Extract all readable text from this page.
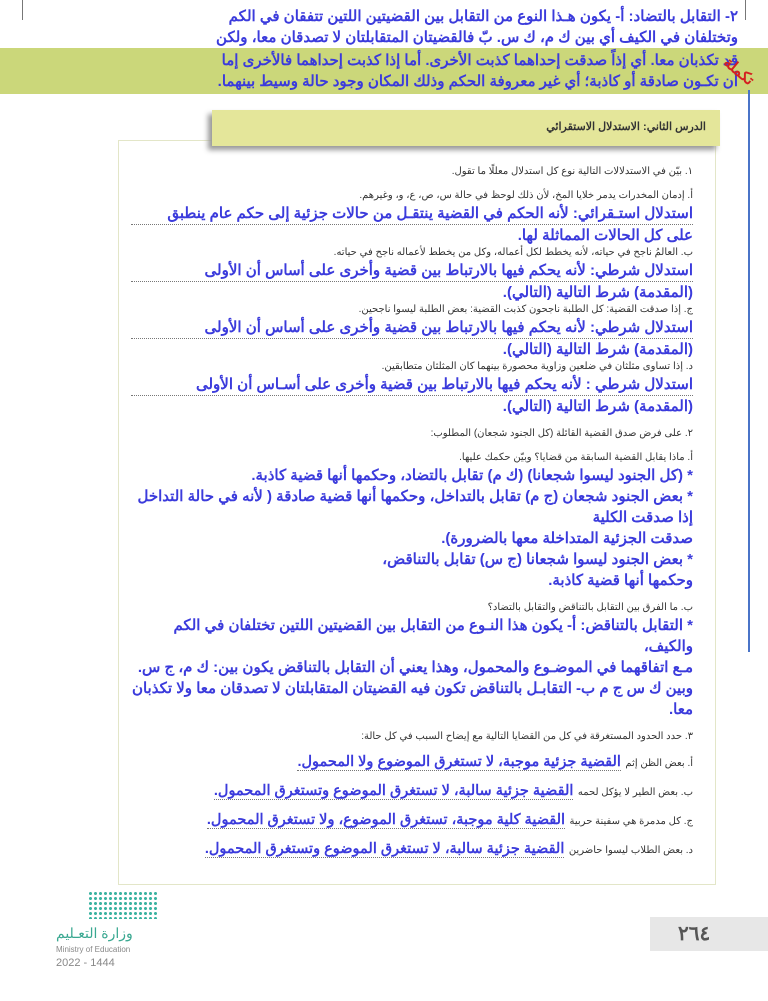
٢- التقابل بالتضاد: أ- يكون هـذا النوع من التقابل بين القضيتين اللتين تتفقان في الكم
وتختلفان في الكيف أي بين ك م، ك س. بّ فالقضيتان المتقابلتان لا تصدقان معا، ولكن
قد تكذبان معا. أي إذاً صدقت إحداهما كذبت الأخرى. أما إذا كذبت إحداهما فالأخرى إما
أن تكـون صادقة أو كاذبة؛ أي غير معروفة الحكم وذلك المكان وجود حالة وسيط بينهما.
تكملة
الدرس الثاني: الاستدلال الاستقرائي
١. بيّن في الاستدلالات التالية نوع كل استدلال معللًا ما تقول.
أ. إدمان المخدرات يدمر خلايا المخ، لأن ذلك لوحظ في حالة س، ص، ع، و، وغيرهم.
استدلال استـقرائي: لأنه الحكم في القضية ينتقـل من حالات جزئية إلى حكم عام ينطبق
على كل الحالات المماثلة لها.
ب. العالمُ ناجح في حياته، لأنه يخطط لكل أعماله، وكل من يخطط لأعماله ناجح في حياته.
استدلال شرطي: لأنه يحكم فيها بالارتباط بين قضية وأخرى على أساس أن الأولى
(المقدمة) شرط التالية (التالي).
ج. إذا صدقت القضية: كل الطلبة ناجحون كذبت القضية: بعض الطلبة ليسوا ناجحين.
استدلال شرطي: لأنه يحكم فيها بالارتباط بين قضية وأخرى على أساس أن الأولى
(المقدمة) شرط التالية (التالي).
د. إذا تساوى مثلثان في ضلعين وزاوية محصورة بينهما كان المثلثان متطابقين.
استدلال شرطي : لأنه يحكم فيها بالارتباط بين قضية وأخرى على أسـاس أن الأولى
(المقدمة) شرط التالية (التالي).
٢. على فرض صدق القضية القائلة (كل الجنود شجعان) المطلوب:
أ. ماذا يقابل القضية السابقة من قضايا؟ وبيّن حكمك عليها.
* (كل الجنود ليسوا شجعانا) (ك م) تقابل بالتضاد، وحكمها أنها قضية كاذبة.
* بعض الجنود شجعان (ج م) تقابل بالتداخل، وحكمها أنها قضية صادقة ( لأنه في حالة التداخل إذا صدقت الكلية
صدقت الجزئية المتداخلة معها بالضرورة).
* بعض الجنود ليسوا شجعانا (ج س) تقابل بالتناقض،
وحكمها أنها قضية كاذبة.
ب. ما الفرق بين التقابل بالتناقض والتقابل بالتضاد؟
* التقابل بالتناقض: أ- يكون هذا النـوع من التقابل بين القضيتين اللتين تختلفان في الكم والكيف،
مـع اتفاقهما في الموضـوع والمحمول، وهذا يعني أن التقابل بالتناقض يكون بين: ك م، ج س.
وبين ك س ج م ب- التقابـل بالتناقض تكون فيه القضيتان المتقابلتان لا تصدقان معا ولا تكذبان
معا.
٣. حدد الحدود المستغرقة في كل من القضايا التالية مع إيضاح السبب في كل حالة:
أ. بعض الظن إثم القضية جزئية موجبة، لا تستغرق الموضوع ولا المحمول.
ب. بعض الطير لا يؤكل لحمه القضية جزئية سالبة، لا تستغرق الموضوع وتستغرق المحمول.
ج. كل مدمرة هي سفينة حربية القضية كلية موجبة، تستغرق الموضوع، ولا تستغرق المحمول.
د. بعض الطلاب ليسوا حاضرين القضية جزئية سالبة، لا تستغرق الموضوع وتستغرق المحمول.
وزارة التعـليم
Ministry of Education
2022 - 1444
٢٦٤
